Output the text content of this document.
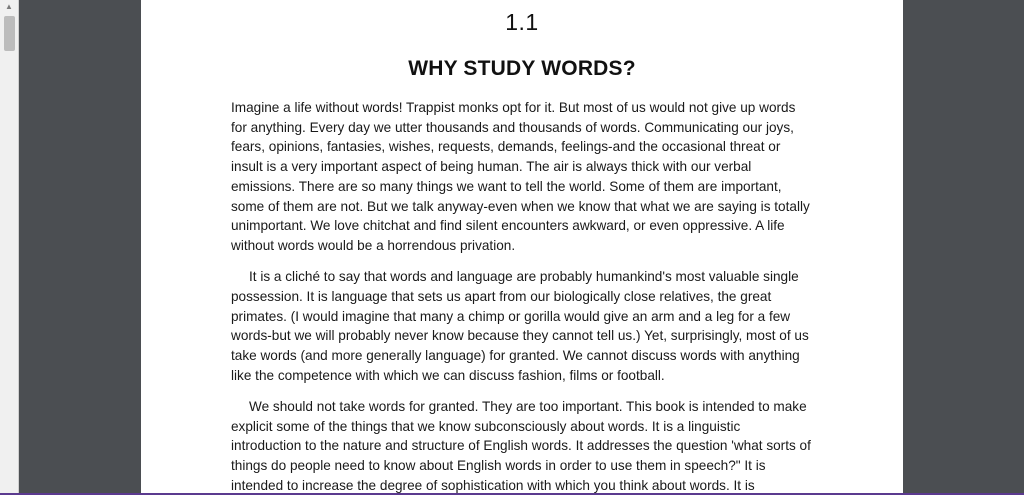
▲
1.1
WHY STUDY WORDS?

Imagine a life without words! Trappist monks opt for it. But most of us would not give up words for anything. Every day we utter thousands and thousands of words. Communicating our joys, fears, opinions, fantasies, wishes, requests, demands, feelings-and the occasional threat or insult is a very important aspect of being human. The air is always thick with our verbal emissions. There are so many things we want to tell the world. Some of them are important, some of them are not. But we talk anyway-even when we know that what we are saying is totally unimportant. We love chitchat and find silent encounters awkward, or even oppressive. A life without words would be a horrendous privation.

It is a cliché to say that words and language are probably humankind's most valuable single possession. It is language that sets us apart from our biologically close relatives, the great primates. (I would imagine that many a chimp or gorilla would give an arm and a leg for a few words-but we will probably never know because they cannot tell us.) Yet, surprisingly, most of us take words (and more generally language) for granted. We cannot discuss words with anything like the competence with which we can discuss fashion, films or football.

We should not take words for granted. They are too important. This book is intended to make explicit some of the things that we know subconsciously about words. It is a linguistic introduction to the nature and structure of English words. It addresses the question 'what sorts of things do people need to know about English words in order to use them in speech?" It is intended to increase the degree of sophistication with which you think about words. It is
